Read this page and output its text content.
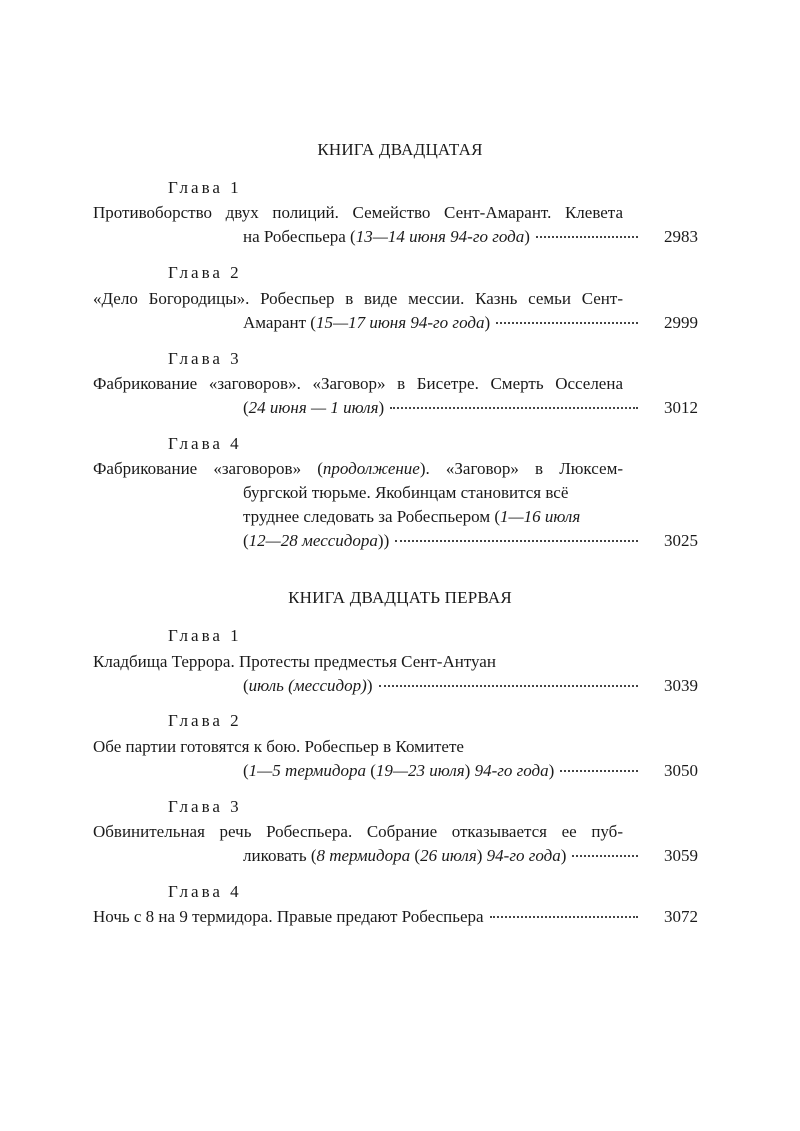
КНИГА ДВАДЦАТАЯ
Глава 1
Противоборство двух полиций. Семейство Сент-Амарант. Клевета
на Робеспьера (13—14 июня 94-го года)	2983
Глава 2
«Дело Богородицы». Робеспьер в виде мессии. Казнь семьи Сент-
Амарант (15—17 июня 94-го года)	2999
Глава 3
Фабрикование «заговоров». «Заговор» в Бисетре. Смерть Осселена
(24 июня — 1 июля)	3012
Глава 4
Фабрикование «заговоров» (продолжение). «Заговор» в Люксем-
бургской тюрьме. Якобинцам становится всё
труднее следовать за Робеспьером (1—16 июля
(12—28 мессидора))	3025
КНИГА ДВАДЦАТЬ ПЕРВАЯ
Глава 1
Кладбища Террора. Протесты предместья Сент-Антуан
(июль (мессидор))	3039
Глава 2
Обе партии готовятся к бою. Робеспьер в Комитете
(1—5 термидора (19—23 июля) 94-го года)	3050
Глава 3
Обвинительная речь Робеспьера. Собрание отказывается ее пуб-
ликовать (8 термидора (26 июля) 94-го года)	3059
Глава 4
Ночь с 8 на 9 термидора. Правые предают Робеспьера	3072
